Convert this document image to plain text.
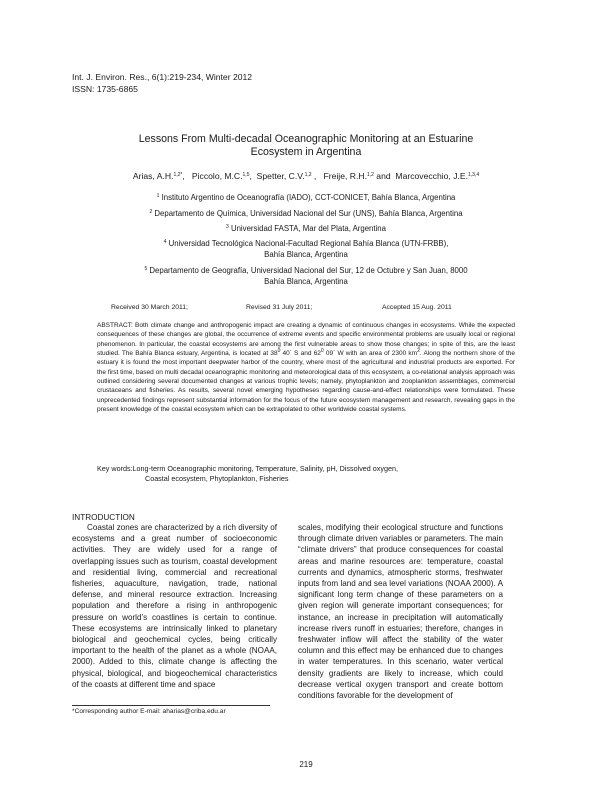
Int. J. Environ. Res., 6(1):219-234, Winter 2012
ISSN: 1735-6865
Lessons From Multi-decadal Oceanographic Monitoring at an Estuarine
Ecosystem in Argentina
Arias, A.H.$^{1,2*}$,   Piccolo, M.C.$^{1,5}$,  Spetter, C.V.$^{1,2}$ ,   Freije, R.H.$^{1,2}$ and  Marcovecchio, J.E.$^{1,3,4}$
$^1$ Instituto Argentino de Oceanografía (IADO), CCT-CONICET, Bahía Blanca, Argentina
$^2$ Departamento de Química, Universidad Nacional del Sur (UNS), Bahía Blanca, Argentina
$^3$ Universidad FASTA, Mar del Plata, Argentina
$^4$ Universidad Tecnológica Nacional-Facultad Regional Bahía Blanca (UTN-FRBB),
Bahía Blanca, Argentina
$^5$ Departamento de Geografía, Universidad Nacional del Sur, 12 de Octubre y San Juan, 8000
Bahía Blanca, Argentina
Received 30 March 2011;	Revised 31 July 2011;	Accepted 15 Aug. 2011
ABSTRACT: Both climate change and anthropogenic impact are creating a dynamic of continuous changes in ecosystems. While the expected consequences of these changes are global, the occurrence of extreme events and specific environmental problems are usually local or regional phenomenon. In particular, the coastal ecosystems are among the first vulnerable areas to show those changes; in spite of this, are the least studied. The Bahía Blanca estuary, Argentina, is located at $38^0$ 40´ S and $62^0$ 09´ W with an area of 2300 $km^2$. Along the northern shore of the estuary it is found the most important deepwater harbor of the country, where most of the agricultural and industrial products are exported. For the first time, based on multi decadal oceanographic monitoring and meteorological data of this ecosystem, a co-relational analysis approach was outlined considering several documented changes at various trophic levels; namely, phytoplankton and zooplankton assemblages, commercial crustaceans and fisheries. As results, several novel emerging hypotheses regarding cause-and-effect relationships were formulated. These unprecedented findings represent substantial information for the focus of the future ecosystem management and research, revealing gaps in the present knowledge of the coastal ecosystem which can be extrapolated to other worldwide coastal systems.
Key words:Long-term Oceanographic monitoring, Temperature, Salinity, pH, Dissolved oxygen,
Coastal ecosystem, Phytoplankton, Fisheries
INTRODUCTION

Coastal zones are characterized by a rich diversity of ecosystems and a great number of socioeconomic activities. They are widely used for a range of overlapping issues such as tourism, coastal development and residential living, commercial and recreational fisheries, aquaculture, navigation, trade, national defense, and mineral resource extraction. Increasing population and therefore a rising in anthropogenic pressure on world’s coastlines is certain to continue. These ecosystems are intrinsically linked to planetary biological and geochemical cycles, being critically important to the health of the planet as a whole (NOAA, 2000). Added to this, climate change is affecting the physical, biological, and biogeochemical characteristics of the coasts at different time and space

scales, modifying their ecological structure and functions through climate driven variables or parameters. The main “climate drivers” that produce consequences for coastal areas and marine resources are: temperature, coastal currents and dynamics, atmospheric storms, freshwater inputs from land and sea level variations (NOAA 2000). A significant long term change of these parameters on a given region will generate important consequences; for instance, an increase in precipitation will automatically increase rivers runoff in estuaries; therefore, changes in freshwater inflow will affect the stability of the water column and this effect may be enhanced due to changes in water temperatures. In this scenario, water vertical density gradients are likely to increase, which could decrease vertical oxygen transport and create bottom conditions favorable for the development of

*Corresponding author E-mail: aharias@criba.edu.ar
219
